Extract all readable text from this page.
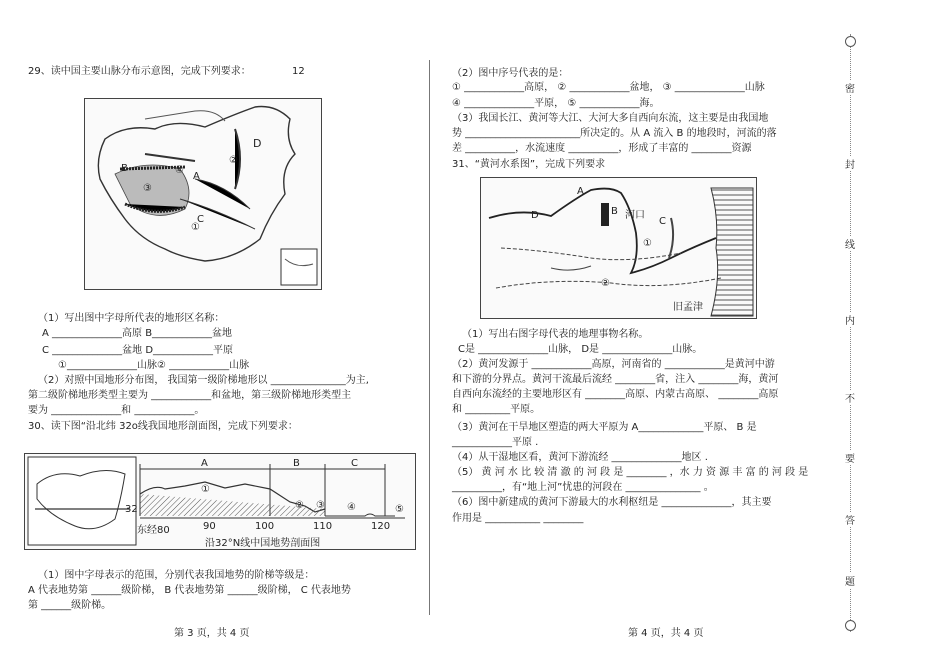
29、读中国主要山脉分布示意图，完成下列要求：	12
D
②
A
B	④
③
C
①
（1）写出图中字母所代表的地形区名称：
A ______________高原 B____________盆地
C ______________盆地 D____________平原
①______________山脉② ____________山脉
（2）对照中国地形分布图， 我国第一级阶梯地形以 _______________为主,
第二级阶梯地形类型主要为 ____________和盆地，第三级阶梯地形类型主
要为 ______________和 ____________。
30、读下图“沿北纬 32o线我国地形剖面图，完成下列要求：
A	B	C
①
② ③ ④	⑤
32
东经80	90	100	110	120
沿32°N线中国地势剖面图
（1）图中字母表示的范围，分别代表我国地势的阶梯等级是：
A 代表地势第 ______级阶梯， B 代表地势第 ______级阶梯， C 代表地势
第 ______级阶梯。
第 3 页，共 4 页
（2）图中序号代表的是：
① ____________高原， ② ____________盆地， ③ ______________山脉
④ ______________平原， ⑤ ____________海。
（3）我国长江、黄河等大江、大河大多自西向东流，这主要是由我国地
势 _______________________所决定的。从 A 流入 B 的地段时，河流的落
差 __________，水流速度 __________，形成了丰富的 ________资源
31、“黄河水系图”，完成下列要求
A
B 河口
D
C
①
②
旧孟津
（1）写出右图字母代表的地理事物名称。
C是 ______________山脉， D是 ______________山脉。
（2）黄河发源于 ____________高原，河南省的 ____________是黄河中游
和下游的分界点。黄河干流最后流经 ________省，注入 ________海，黄河
自西向东流经的主要地形区有 ________高原、内蒙古高原、 ________高原
和 _________平原。
（3）黄河在干旱地区塑造的两大平原为 A_____________平原、 B 是
____________平原 .
（4）从干湿地区看，黄河下游流经 ______________地区 .
（5） 黄 河 水 比 较 清 澈 的 河 段 是 ________ ，水 力 资 源 丰 富 的 河 段 是
__________，有“地上河”忧患的河段在 _______________ 。
（6）图中新建成的黄河下游最大的水利枢纽是 ______________，其主要
作用是 ___________ ________
第 4 页，共 4 页
密
封
线
内
不
要
答
题
